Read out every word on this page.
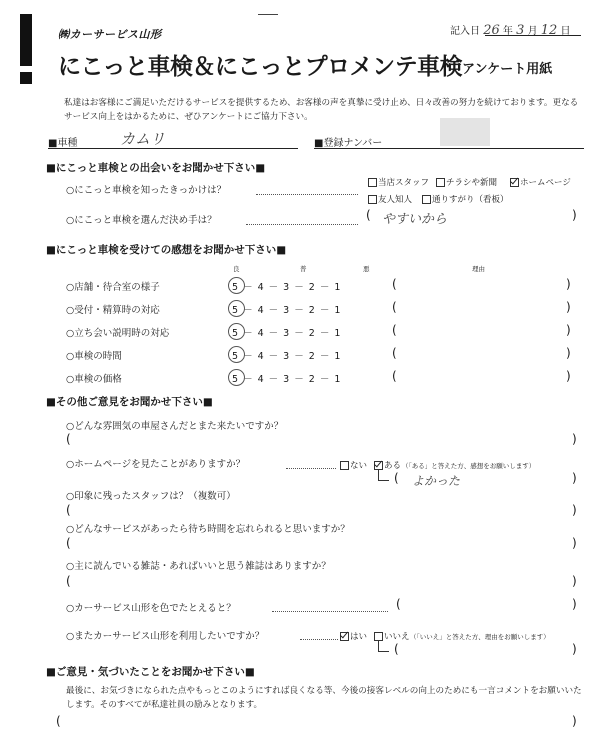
㈱カーサービス山形	記入日 26 年 3 月 12 日
にこっと車検＆にこっとプロメンテ車検 アンケート用紙
私達はお客様にご満足いただけるサービスを提供するため、お客様の声を真摯に受け止め、日々改善の努力を続けております。更なるサービス向上をはかるために、ぜひアンケートにご協力下さい。
■車種	カムリ	■登録ナンバー
■にこっと車検との出会いをお聞かせ下さい■
○にこっと車検を知ったきっかけは？
当店スタッフ	チラシや新聞	ホームページ
友人知人	通りすがり（看板）
○にこっと車検を選んだ決め手は？	( やすいから	)
■にこっと車検を受けての感想をお聞かせ下さい■
良	普	悪	理由
○店舗・待合室の様子	5 － 4 － 3 － 2 － 1	(	)
○受付・精算時の対応	5 － 4 － 3 － 2 － 1	(	)
○立ち会い説明時の対応	5 － 4 － 3 － 2 － 1	(	)
○車検の時間	5 － 4 － 3 － 2 － 1	(	)
○車検の価格	5 － 4 － 3 － 2 － 1	(	)
■その他ご意見をお聞かせ下さい■
○どんな雰囲気の車屋さんだとまた来たいですか？
(	)
○ホームページを見たことがありますか？	ない	ある （「ある」と答えた方、感想をお願いします）
( よかった	)
○印象に残ったスタッフは？（複数可）
(	)
○どんなサービスがあったら待ち時間を忘れられると思いますか？
(	)
○主に読んでいる雑誌・あればいいと思う雑誌はありますか？
(	)
○カーサービス山形を色でたとえると？	(	)
○またカーサービス山形を利用したいですか？	はい	いいえ （「いいえ」と答えた方、理由をお願いします）
(	)
■ご意見・気づいたことをお聞かせ下さい■
最後に、お気づきになられた点やもっとこのようにすれば良くなる等、今後の接客レベルの向上のためにも一言コメントをお願いいたします。そのすべてが私達社員の励みとなります。
(	)
